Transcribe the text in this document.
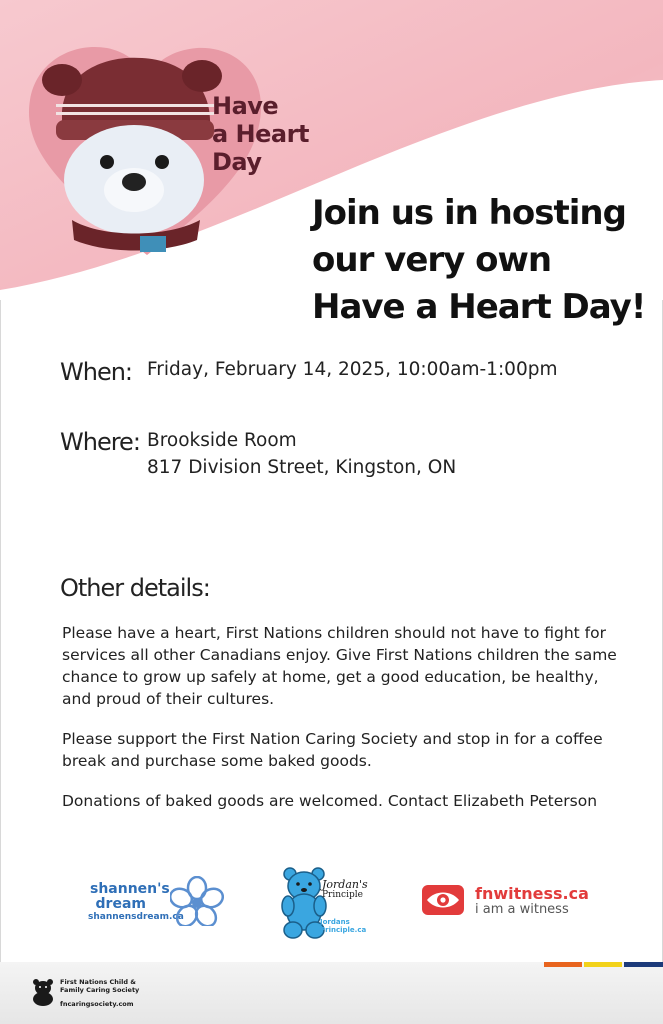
Have
a Heart
Day
Join us in hosting
our very own
Have a Heart Day!
When: Friday, February 14, 2025, 10:00am-1:00pm
Where: Brookside Room
817 Division Street, Kingston, ON
Other details:

Please have a heart, First Nations children should not have to fight for services all other Canadians enjoy. Give First Nations children the same chance to grow up safely at home, get a good education, be healthy, and proud of their cultures.

Please support the First Nation Caring Society and stop in for a coffee break and purchase some baked goods.

Donations of baked goods are welcomed. Contact Elizabeth Peterson

shannen's
dream
shannensdream.ca
Jordan's
Principle
Jordans
Principle.ca
fnwitness.ca
i am a witness
First Nations Child &
Family Caring Society
fncaringsociety.com
